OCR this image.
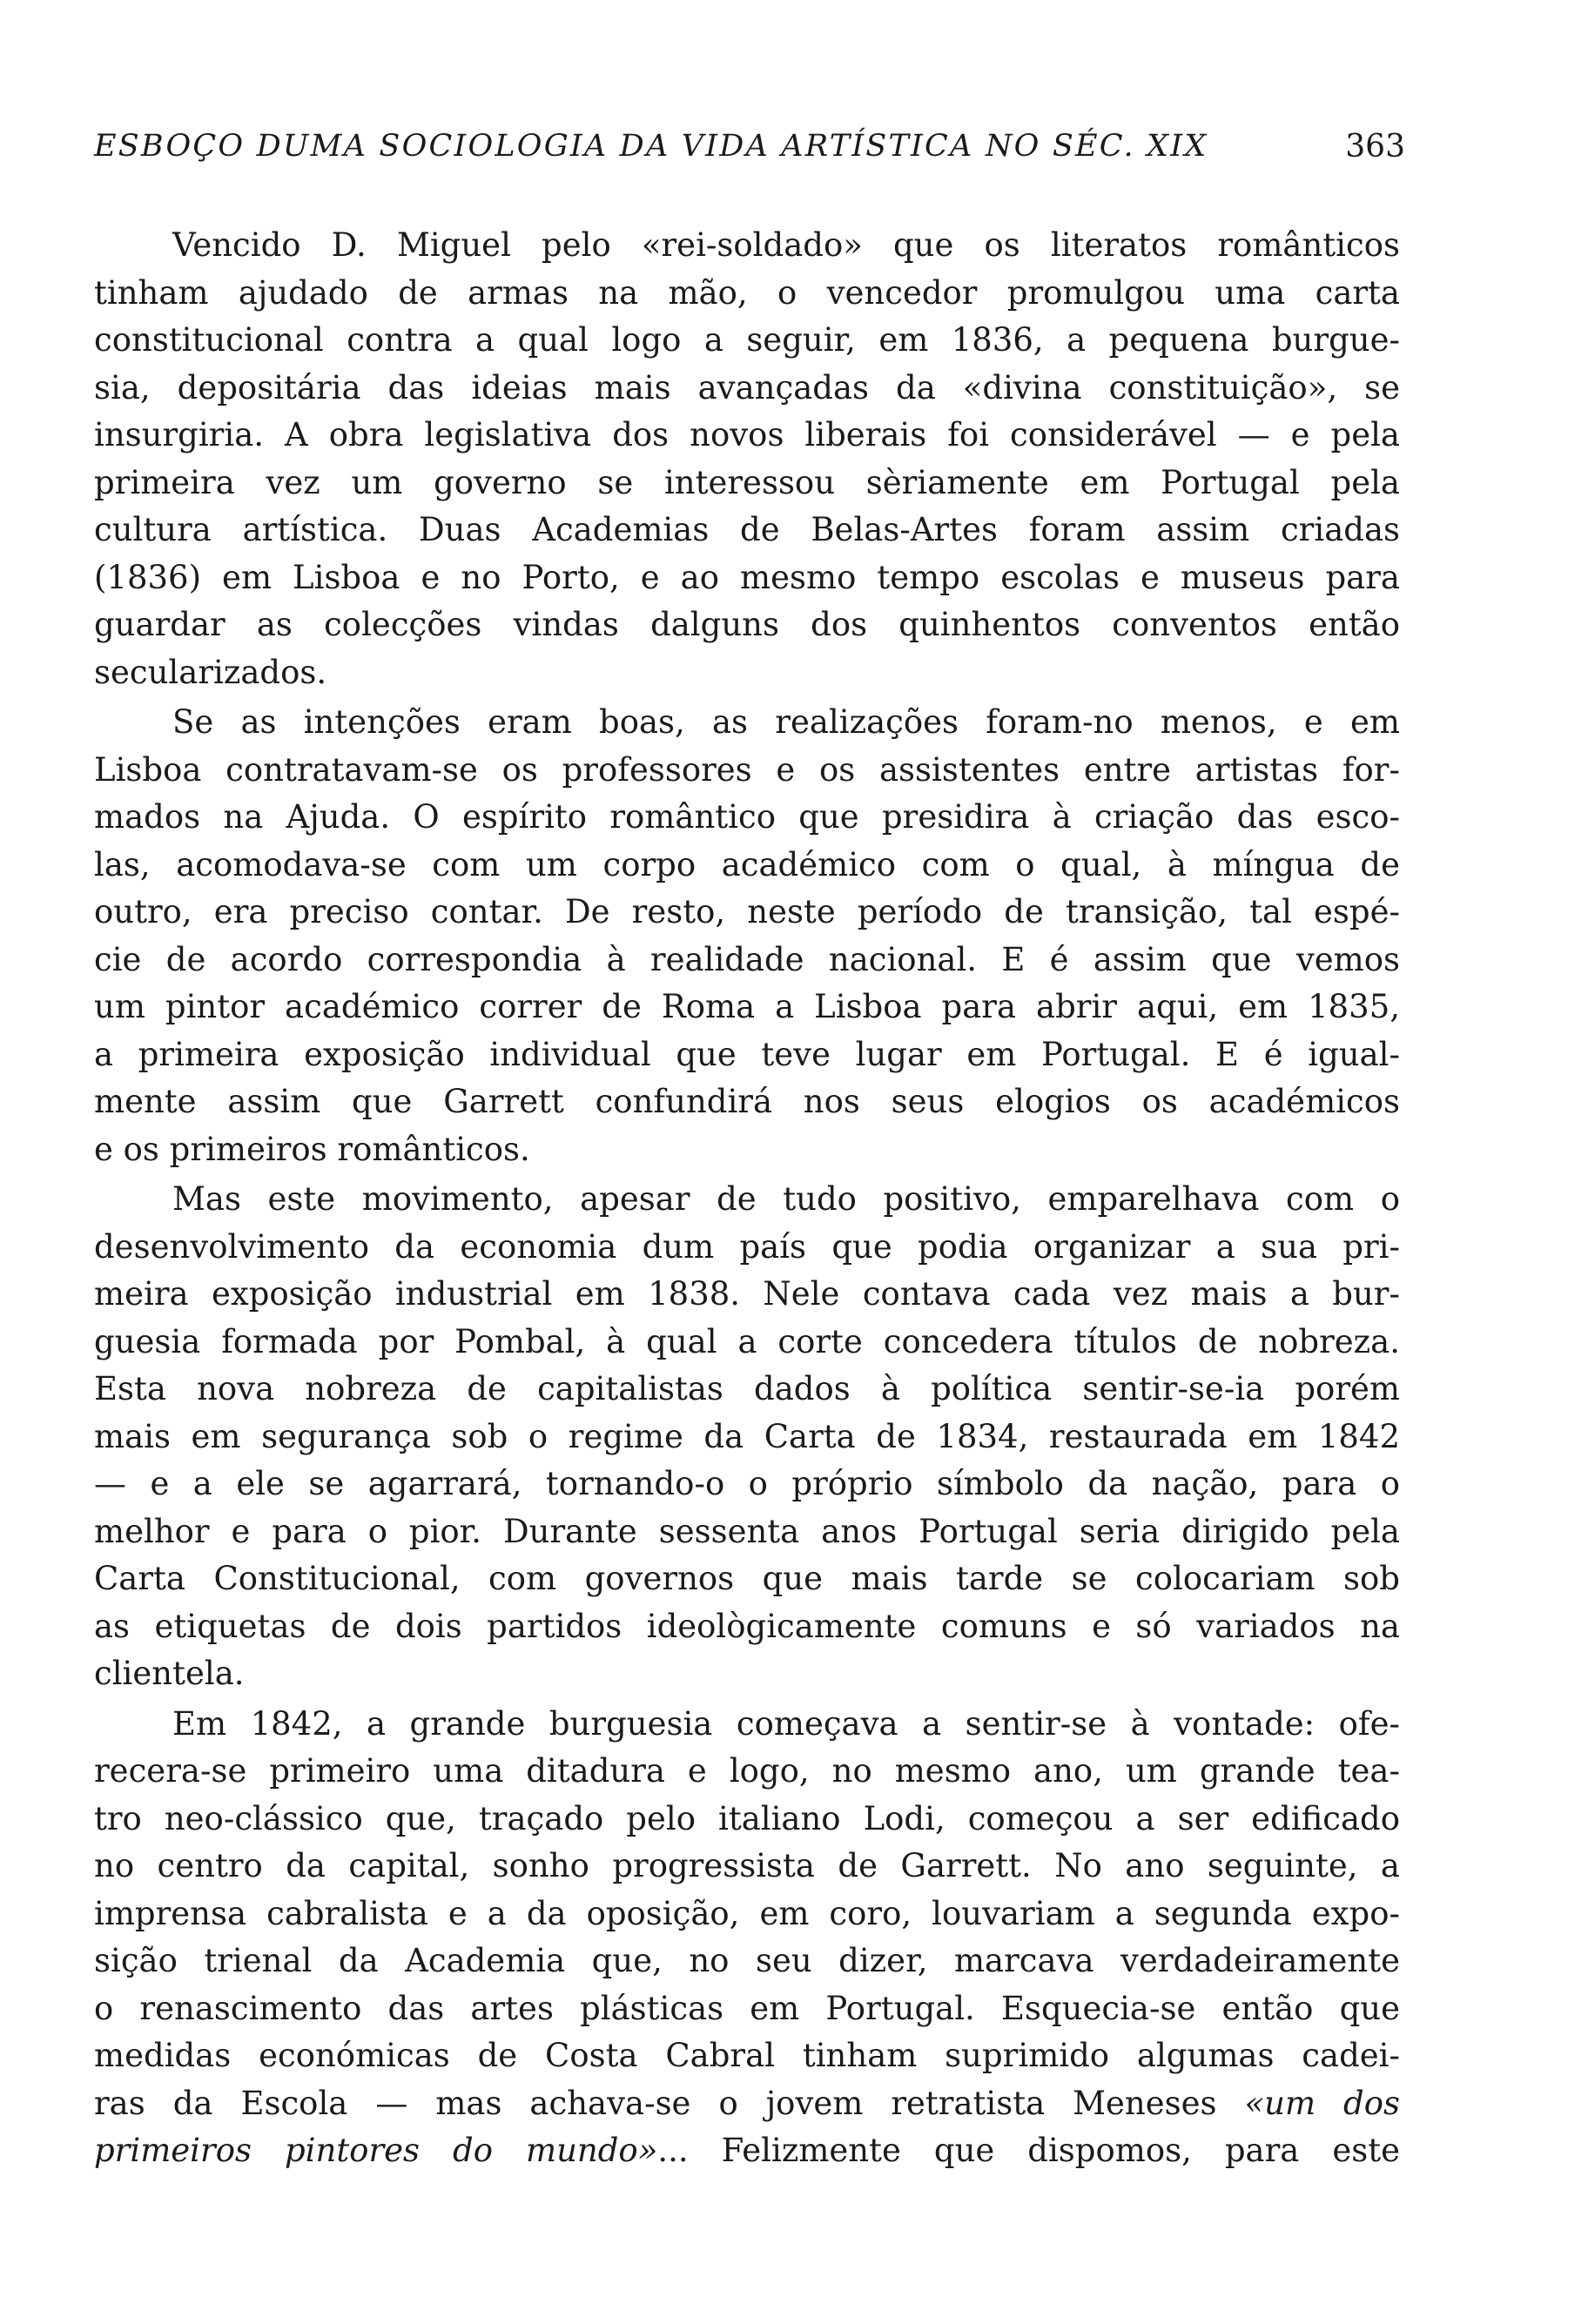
ESBOÇO DUMA SOCIOLOGIA DA VIDA ARTÍSTICA NO SÉC. XIX	363
Vencido D. Miguel pelo «rei-soldado» que os literatos românticos
tinham ajudado de armas na mão, o vencedor promulgou uma carta
constitucional contra a qual logo a seguir, em 1836, a pequena burgue-
sia, depositária das ideias mais avançadas da «divina constituição», se
insurgiria. A obra legislativa dos novos liberais foi considerável — e pela
primeira vez um governo se interessou sèriamente em Portugal pela
cultura artística. Duas Academias de Belas-Artes foram assim criadas
(1836) em Lisboa e no Porto, e ao mesmo tempo escolas e museus para
guardar as colecções vindas dalguns dos quinhentos conventos então
secularizados.
Se as intenções eram boas, as realizações foram-no menos, e em
Lisboa contratavam-se os professores e os assistentes entre artistas for-
mados na Ajuda. O espírito romântico que presidira à criação das esco-
las, acomodava-se com um corpo académico com o qual, à míngua de
outro, era preciso contar. De resto, neste período de transição, tal espé-
cie de acordo correspondia à realidade nacional. E é assim que vemos
um pintor académico correr de Roma a Lisboa para abrir aqui, em 1835,
a primeira exposição individual que teve lugar em Portugal. E é igual-
mente assim que Garrett confundirá nos seus elogios os académicos
e os primeiros românticos.
Mas este movimento, apesar de tudo positivo, emparelhava com o
desenvolvimento da economia dum país que podia organizar a sua pri-
meira exposição industrial em 1838. Nele contava cada vez mais a bur-
guesia formada por Pombal, à qual a corte concedera títulos de nobreza.
Esta nova nobreza de capitalistas dados à política sentir-se-ia porém
mais em segurança sob o regime da Carta de 1834, restaurada em 1842
— e a ele se agarrará, tornando-o o próprio símbolo da nação, para o
melhor e para o pior. Durante sessenta anos Portugal seria dirigido pela
Carta Constitucional, com governos que mais tarde se colocariam sob
as etiquetas de dois partidos ideològicamente comuns e só variados na
clientela.
Em 1842, a grande burguesia começava a sentir-se à vontade: ofe-
recera-se primeiro uma ditadura e logo, no mesmo ano, um grande tea-
tro neo-clássico que, traçado pelo italiano Lodi, começou a ser edificado
no centro da capital, sonho progressista de Garrett. No ano seguinte, a
imprensa cabralista e a da oposição, em coro, louvariam a segunda expo-
sição trienal da Academia que, no seu dizer, marcava verdadeiramente
o renascimento das artes plásticas em Portugal. Esquecia-se então que
medidas económicas de Costa Cabral tinham suprimido algumas cadei-
ras da Escola — mas achava-se o jovem retratista Meneses «um dos
primeiros pintores do mundo»... Felizmente que dispomos, para este
